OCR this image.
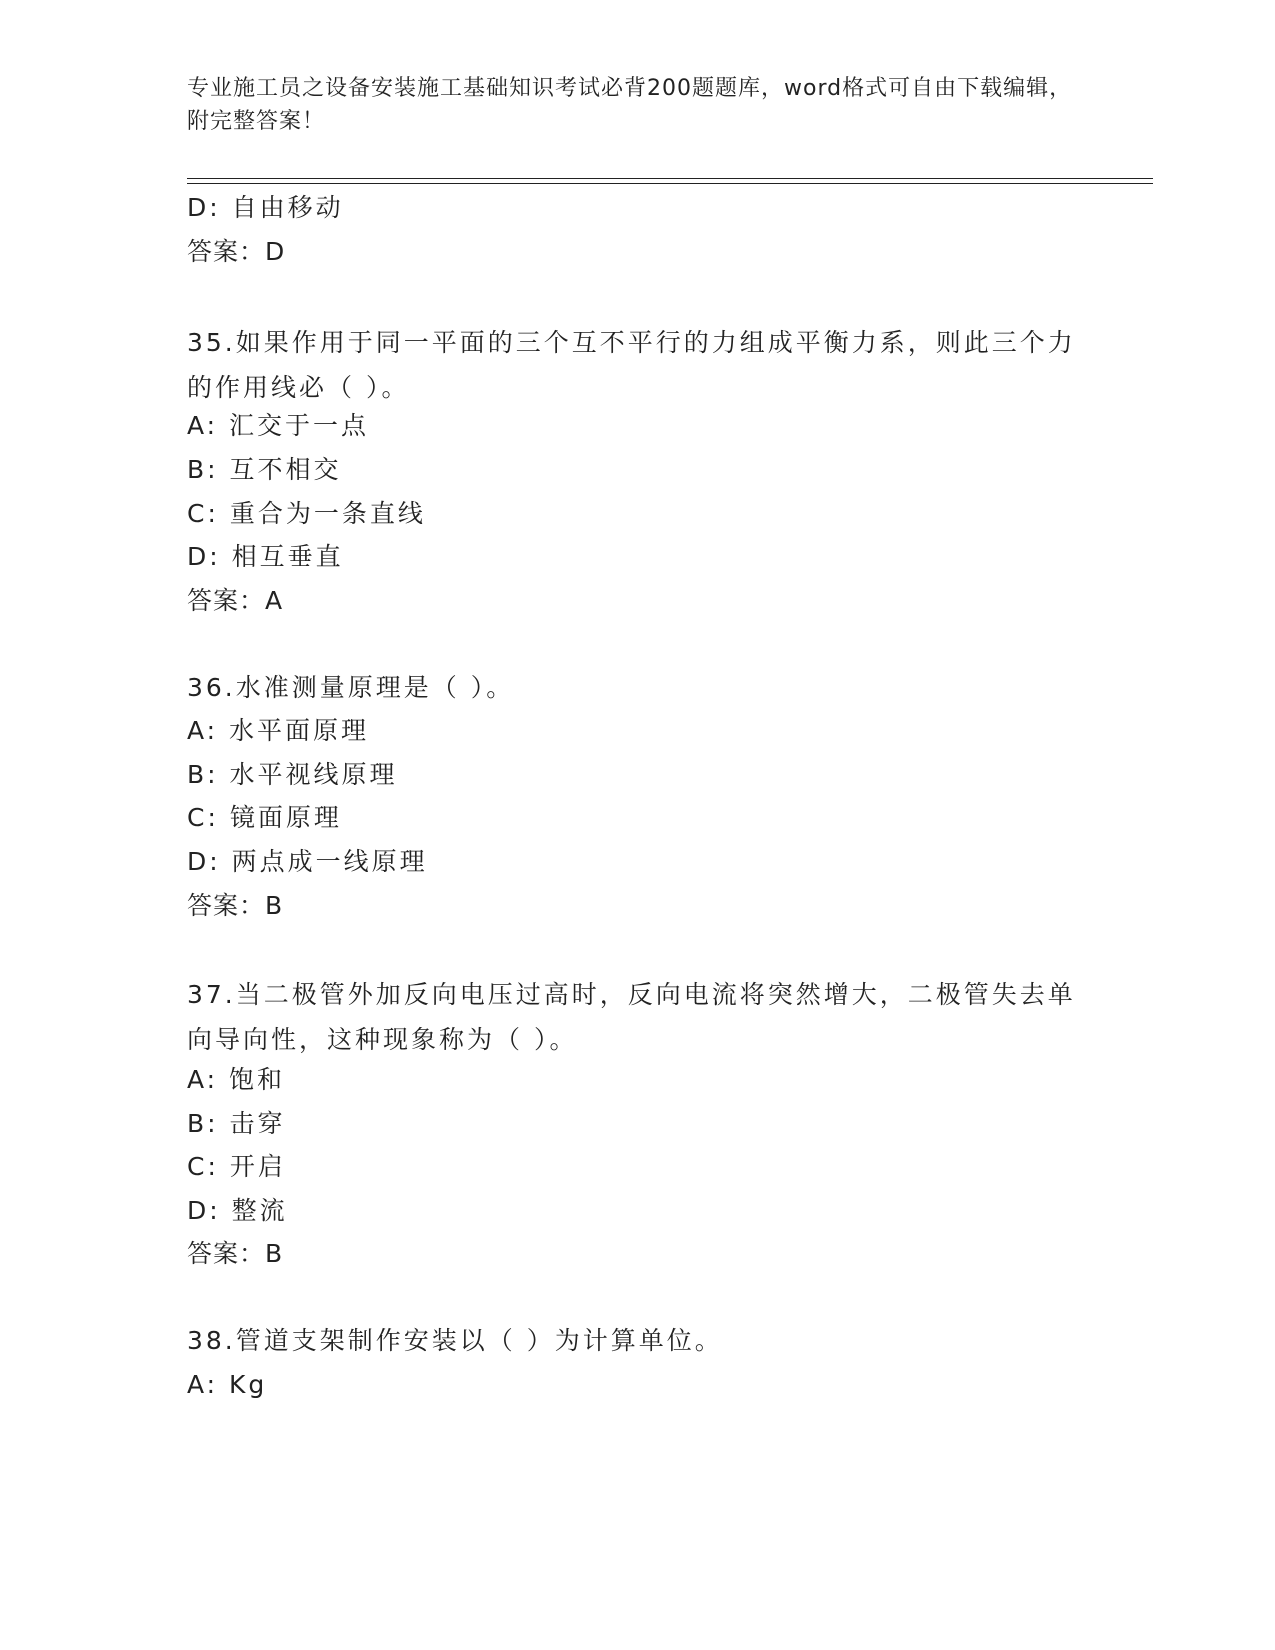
专业施工员之设备安装施工基础知识考试必背200题题库，word格式可自由下载编辑，附完整答案！
D: 自由移动
答案：D
35.如果作用于同一平面的三个互不平行的力组成平衡力系，则此三个力的作用线必（ ）。
A: 汇交于一点
B: 互不相交
C: 重合为一条直线
D: 相互垂直
答案：A
36.水准测量原理是（ ）。
A: 水平面原理
B: 水平视线原理
C: 镜面原理
D: 两点成一线原理
答案：B
37.当二极管外加反向电压过高时，反向电流将突然增大，二极管失去单向导向性，这种现象称为（ ）。
A: 饱和
B: 击穿
C: 开启
D: 整流
答案：B
38.管道支架制作安装以（ ）为计算单位。
A: Kg
